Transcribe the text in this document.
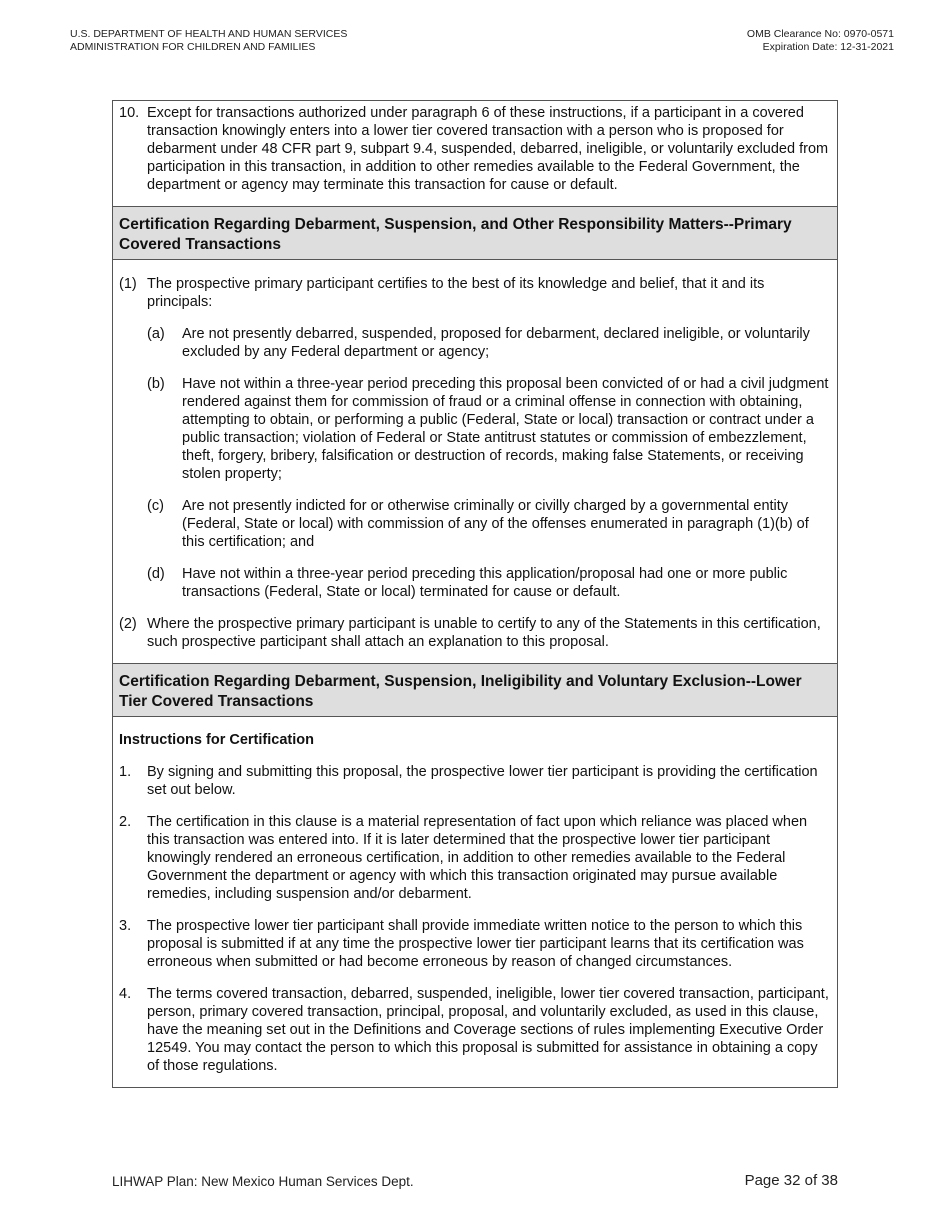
U.S. DEPARTMENT OF HEALTH AND HUMAN SERVICES
ADMINISTRATION FOR CHILDREN AND FAMILIES
OMB Clearance No: 0970-0571
Expiration Date: 12-31-2021
10. Except for transactions authorized under paragraph 6 of these instructions, if a participant in a covered transaction knowingly enters into a lower tier covered transaction with a person who is proposed for debarment under 48 CFR part 9, subpart 9.4, suspended, debarred, ineligible, or voluntarily excluded from participation in this transaction, in addition to other remedies available to the Federal Government, the department or agency may terminate this transaction for cause or default.
Certification Regarding Debarment, Suspension, and Other Responsibility Matters--Primary Covered Transactions
(1) The prospective primary participant certifies to the best of its knowledge and belief, that it and its principals:
(a)	Are not presently debarred, suspended, proposed for debarment, declared ineligible, or voluntarily excluded by any Federal department or agency;
(b)	Have not within a three-year period preceding this proposal been convicted of or had a civil judgment rendered against them for commission of fraud or a criminal offense in connection with obtaining, attempting to obtain, or performing a public (Federal, State or local) transaction or contract under a public transaction; violation of Federal or State antitrust statutes or commission of embezzlement, theft, forgery, bribery, falsification or destruction of records, making false Statements, or receiving stolen property;
(c)	Are not presently indicted for or otherwise criminally or civilly charged by a governmental entity (Federal, State or local) with commission of any of the offenses enumerated in paragraph (1)(b) of this certification; and
(d)	Have not within a three-year period preceding this application/proposal had one or more public transactions (Federal, State or local) terminated for cause or default.
(2) Where the prospective primary participant is unable to certify to any of the Statements in this certification, such prospective participant shall attach an explanation to this proposal.
Certification Regarding Debarment, Suspension, Ineligibility and Voluntary Exclusion--Lower Tier Covered Transactions
Instructions for Certification
1.	By signing and submitting this proposal, the prospective lower tier participant is providing the certification set out below.
2.	The certification in this clause is a material representation of fact upon which reliance was placed when this transaction was entered into. If it is later determined that the prospective lower tier participant knowingly rendered an erroneous certification, in addition to other remedies available to the Federal Government the department or agency with which this transaction originated may pursue available remedies, including suspension and/or debarment.
3.	The prospective lower tier participant shall provide immediate written notice to the person to which this proposal is submitted if at any time the prospective lower tier participant learns that its certification was erroneous when submitted or had become erroneous by reason of changed circumstances.
4.	The terms covered transaction, debarred, suspended, ineligible, lower tier covered transaction, participant, person, primary covered transaction, principal, proposal, and voluntarily excluded, as used in this clause, have the meaning set out in the Definitions and Coverage sections of rules implementing Executive Order 12549. You may contact the person to which this proposal is submitted for assistance in obtaining a copy of those regulations.
LIHWAP Plan: New Mexico Human Services Dept.	Page 32 of 38
